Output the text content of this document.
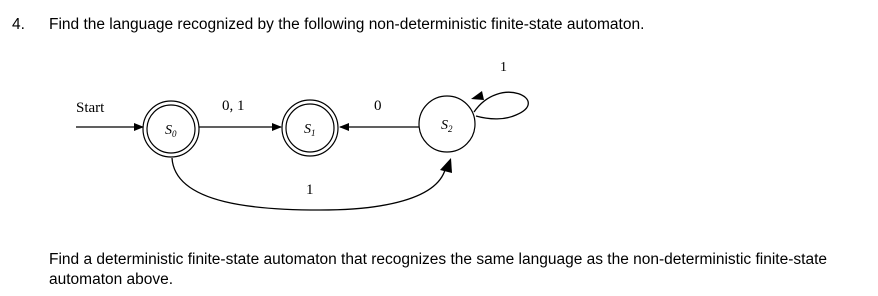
4. Find the language recognized by the following non-deterministic finite-state automaton.
Start
$S_0$	$S_1$	$S_2$
0, 1	0
1
1
Find a deterministic finite-state automaton that recognizes the same language as the non-deterministic finite-state automaton above.
